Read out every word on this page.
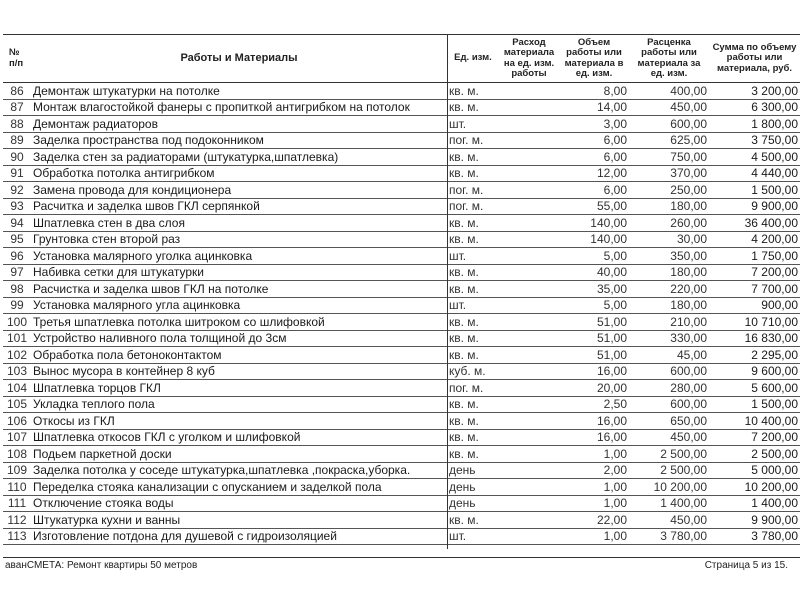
№ п/п	Работы и Материалы	Ед. изм.	Расход материала на ед. изм. работы	Объем работы или материала в ед. изм.	Расценка работы или материала за ед. изм.	Сумма по объему работы или материала, руб.
86	Демонтаж штукатурки на потолке	кв. м.		8,00	400,00	3 200,00
87	Монтаж влагостойкой фанеры с пропиткой антигрибком на потолок	кв. м.		14,00	450,00	6 300,00
88	Демонтаж радиаторов	шт.		3,00	600,00	1 800,00
89	Заделка пространства под подоконником	пог. м.		6,00	625,00	3 750,00
90	Заделка стен за радиаторами (штукатурка,шпатлевка)	кв. м.		6,00	750,00	4 500,00
91	Обработка потолка антигрибком	кв. м.		12,00	370,00	4 440,00
92	Замена провода для кондиционера	пог. м.		6,00	250,00	1 500,00
93	Расчитка и заделка швов ГКЛ серпянкой	пог. м.		55,00	180,00	9 900,00
94	Шпатлевка стен в два слоя	кв. м.		140,00	260,00	36 400,00
95	Грунтовка стен второй раз	кв. м.		140,00	30,00	4 200,00
96	Установка малярного уголка ацинковка	шт.		5,00	350,00	1 750,00
97	Набивка сетки для штукатурки	кв. м.		40,00	180,00	7 200,00
98	Расчистка и заделка швов ГКЛ на потолке	кв. м.		35,00	220,00	7 700,00
99	Установка малярного угла ацинковка	шт.		5,00	180,00	900,00
100	Третья шпатлевка потолка шитроком со шлифовкой	кв. м.		51,00	210,00	10 710,00
101	Устройство наливного пола толщиной до 3см	кв. м.		51,00	330,00	16 830,00
102	Обработка пола бетоноконтактом	кв. м.		51,00	45,00	2 295,00
103	Вынос мусора в контейнер 8 куб	куб. м.		16,00	600,00	9 600,00
104	Шпатлевка торцов ГКЛ	пог. м.		20,00	280,00	5 600,00
105	Укладка теплого пола	кв. м.		2,50	600,00	1 500,00
106	Откосы из ГКЛ	кв. м.		16,00	650,00	10 400,00
107	Шпатлевка откосов ГКЛ с уголком и шлифовкой	кв. м.		16,00	450,00	7 200,00
108	Подьем паркетной доски	кв. м.		1,00	2 500,00	2 500,00
109	Заделка потолка у соседе штукатурка,шпатлевка ,покраска,уборка.	день		2,00	2 500,00	5 000,00
110	Переделка стояка канализации с опусканием и заделкой пола	день		1,00	10 200,00	10 200,00
111	Отключение стояка воды	день		1,00	1 400,00	1 400,00
112	Штукатурка кухни и ванны	кв. м.		22,00	450,00	9 900,00
113	Изготовление потдона для душевой с гидроизоляцией	шт.		1,00	3 780,00	3 780,00
аванСМЕТА: Ремонт квартиры 50 метров	Страница 5 из 15.
